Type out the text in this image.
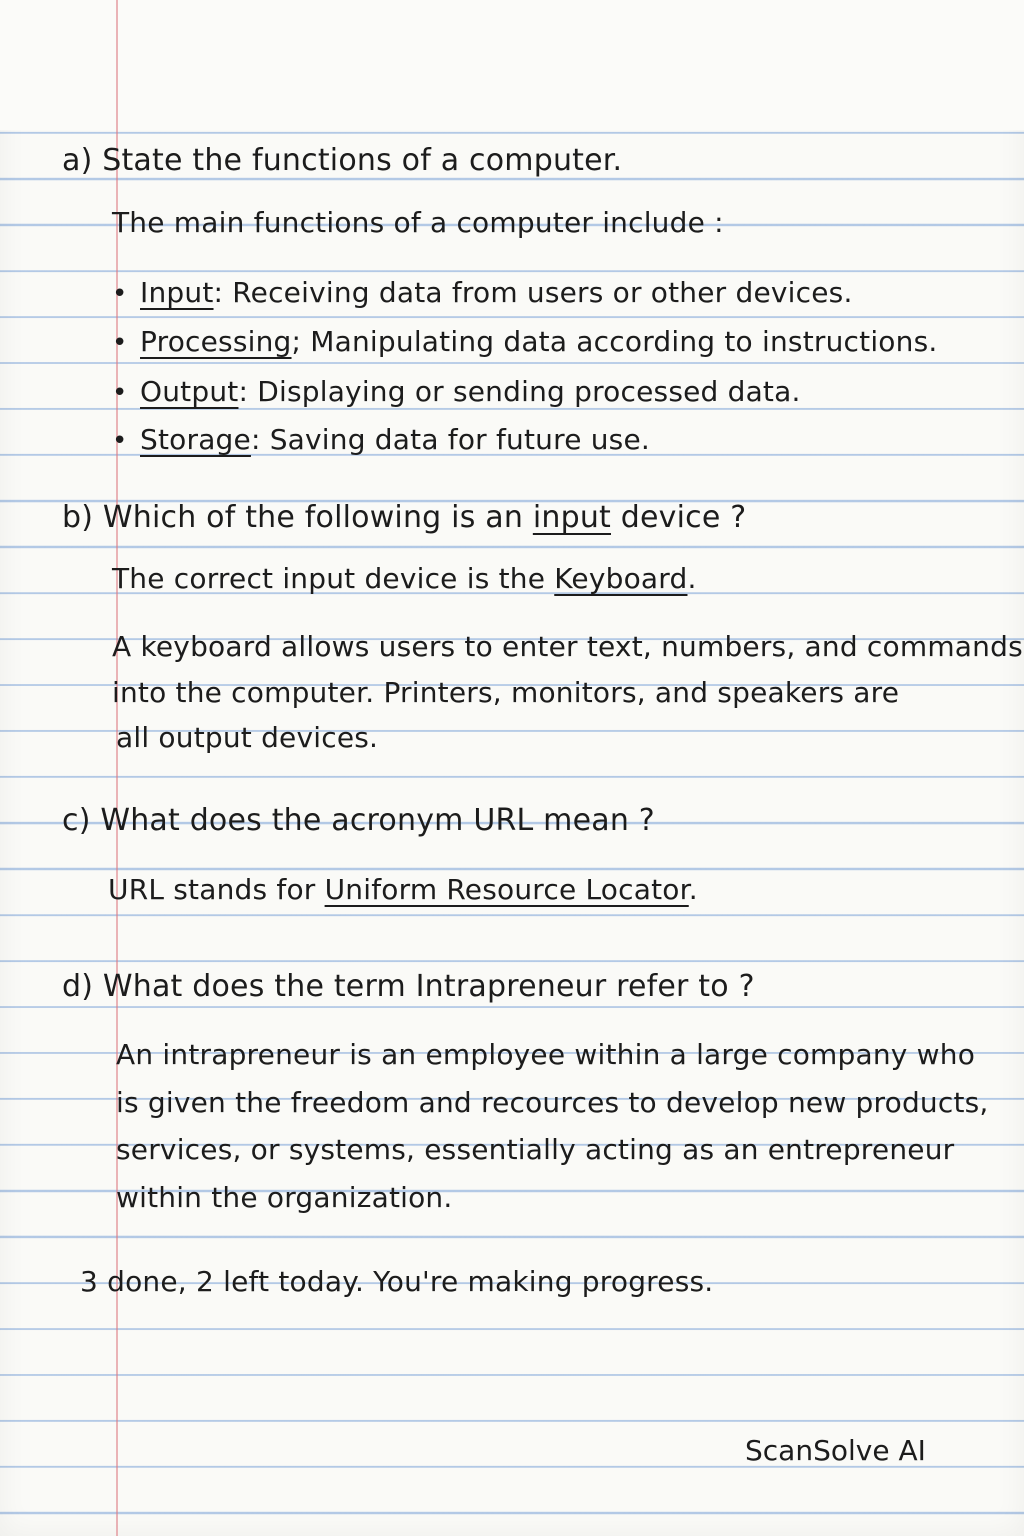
a) State the functions of a computer.
The main functions of a computer include :
• Input: Receiving data from users or other devices.
• Processing; Manipulating data according to instructions.
• Output: Displaying or sending processed data.
• Storage: Saving data for future use.
b) Which of the following is an input device ?
The correct input device is the Keyboard.
A keyboard allows users to enter text, numbers, and commands
into the computer. Printers, monitors, and speakers are
all output devices.
c) What does the acronym URL mean ?
URL stands for Uniform Resource Locator.
d) What does the term Intrapreneur refer to ?
An intrapreneur is an employee within a large company who
is given the freedom and recources to develop new products,
services, or systems, essentially acting as an entrepreneur
within the organization.
3 done, 2 left today. You're making progress.
ScanSolve AI
